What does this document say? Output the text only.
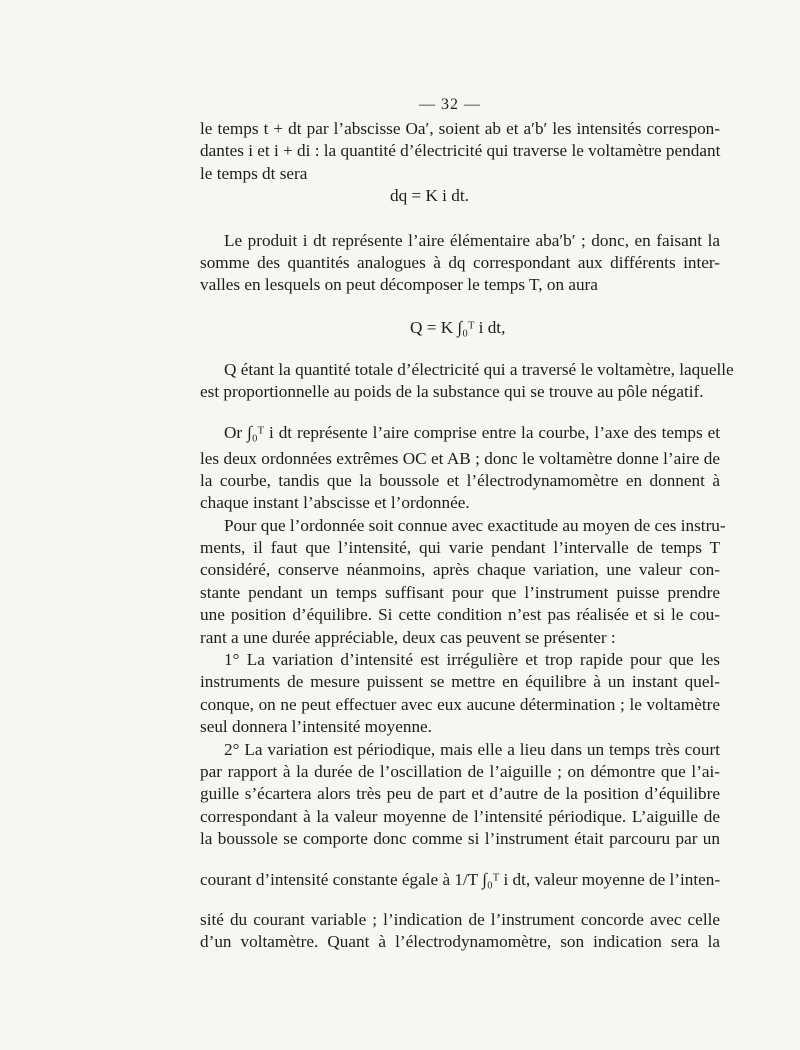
— 32 —
le temps t + dt par l’abscisse Oa′, soient ab et a′b′ les intensités correspon-
dantes i et i + di : la quantité d’électricité qui traverse le voltamètre pendant
le temps dt sera
dq = K i dt.
Le produit i dt représente l’aire élémentaire aba′b′ ; donc, en faisant la
somme des quantités analogues à dq correspondant aux différents inter-
valles en lesquels on peut décomposer le temps T, on aura
Q = K ∫₀ᵀ i dt,
Q étant la quantité totale d’électricité qui a traversé le voltamètre, laquelle
est proportionnelle au poids de la substance qui se trouve au pôle négatif.
Or ∫₀ᵀ i dt représente l’aire comprise entre la courbe, l’axe des temps et
les deux ordonnées extrêmes OC et AB ; donc le voltamètre donne l’aire de
la courbe, tandis que la boussole et l’électrodynamomètre en donnent à
chaque instant l’abscisse et l’ordonnée.
Pour que l’ordonnée soit connue avec exactitude au moyen de ces instru-
ments, il faut que l’intensité, qui varie pendant l’intervalle de temps T
considéré, conserve néanmoins, après chaque variation, une valeur con-
stante pendant un temps suffisant pour que l’instrument puisse prendre
une position d’équilibre. Si cette condition n’est pas réalisée et si le cou-
rant a une durée appréciable, deux cas peuvent se présenter :
1° La variation d’intensité est irrégulière et trop rapide pour que les
instruments de mesure puissent se mettre en équilibre à un instant quel-
conque, on ne peut effectuer avec eux aucune détermination ; le voltamètre
seul donnera l’intensité moyenne.
2° La variation est périodique, mais elle a lieu dans un temps très court
par rapport à la durée de l’oscillation de l’aiguille ; on démontre que l’ai-
guille s’écartera alors très peu de part et d’autre de la position d’équilibre
correspondant à la valeur moyenne de l’intensité périodique. L’aiguille de
la boussole se comporte donc comme si l’instrument était parcouru par un
courant d’intensité constante égale à 1/T ∫₀ᵀ i dt, valeur moyenne de l’inten-
sité du courant variable ; l’indication de l’instrument concorde avec celle
d’un voltamètre. Quant à l’électrodynamomètre, son indication sera la
